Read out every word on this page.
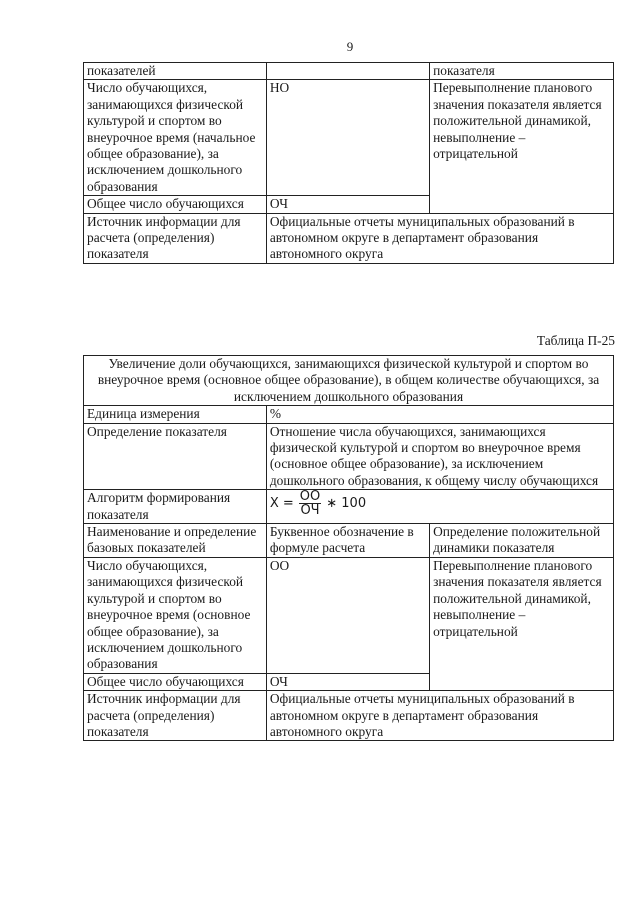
9
показателей		показателя
Число обучающихся, занимающихся физической культурой и спортом во внеурочное время (начальное общее образование), за исключением дошкольного образования	НО	Перевыполнение планового значения показателя является положительной динамикой, невыполнение – отрицательной
Общее число обучающихся	ОЧ	
Источник информации для расчета (определения) показателя	Официальные отчеты муниципальных образований в автономном округе в департамент образования автономного округа	
Таблица П-25
Увеличение доли обучающихся, занимающихся физической культурой и спортом во внеурочное время (основное общее образование), в общем количестве обучающихся, за исключением дошкольного образования		
Единица измерения	%	
Определение показателя	Отношение числа обучающихся, занимающихся физической культурой и спортом во внеурочное время (основное общее образование), за исключением дошкольного образования, к общему числу обучающихся	
Алгоритм формирования показателя	$X = \frac{ОО}{ОЧ}$ ∗ 100	

Наименование и определение базовых показателей	Буквенное обозначение в формуле расчета	Определение положительной динамики показателя
Число обучающихся, занимающихся физической культурой и спортом во внеурочное время (основное общее образование), за исключением дошкольного образования	ОО	Перевыполнение планового значения показателя является положительной динамикой, невыполнение – отрицательной
Общее число обучающихся	ОЧ	
Источник информации для расчета (определения) показателя	Официальные отчеты муниципальных образований в автономном округе в департамент образования автономного округа	
